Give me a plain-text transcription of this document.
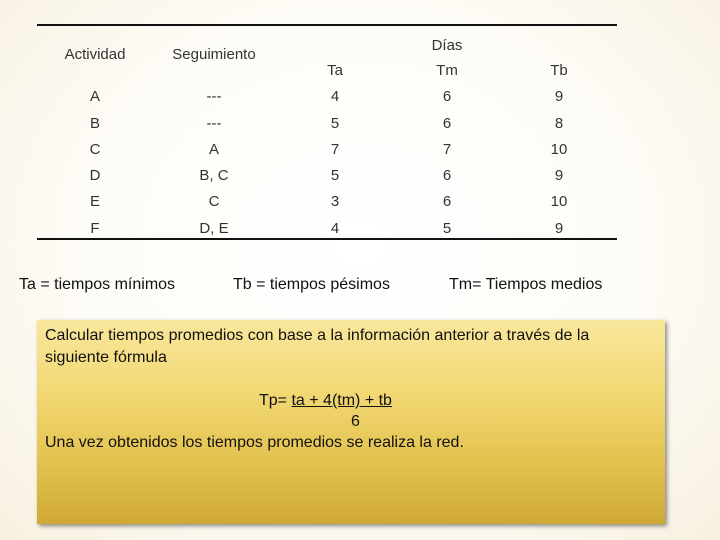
Actividad	Seguimiento
Días
Ta	Tm	Tb
A	---	4	6	9
B	---	5	6	8
C	A	7	7	10
D	B, C	5	6	9
E	C	3	6	10
F	D, E	4	5	9
Ta = tiempos mínimos	Tb = tiempos pésimos	Tm= Tiempos medios
Calcular tiempos promedios con base a la información anterior a través de la
siguiente fórmula
Tp= ta + 4(tm) + tb
6
Una vez obtenidos los tiempos promedios se realiza la red.
